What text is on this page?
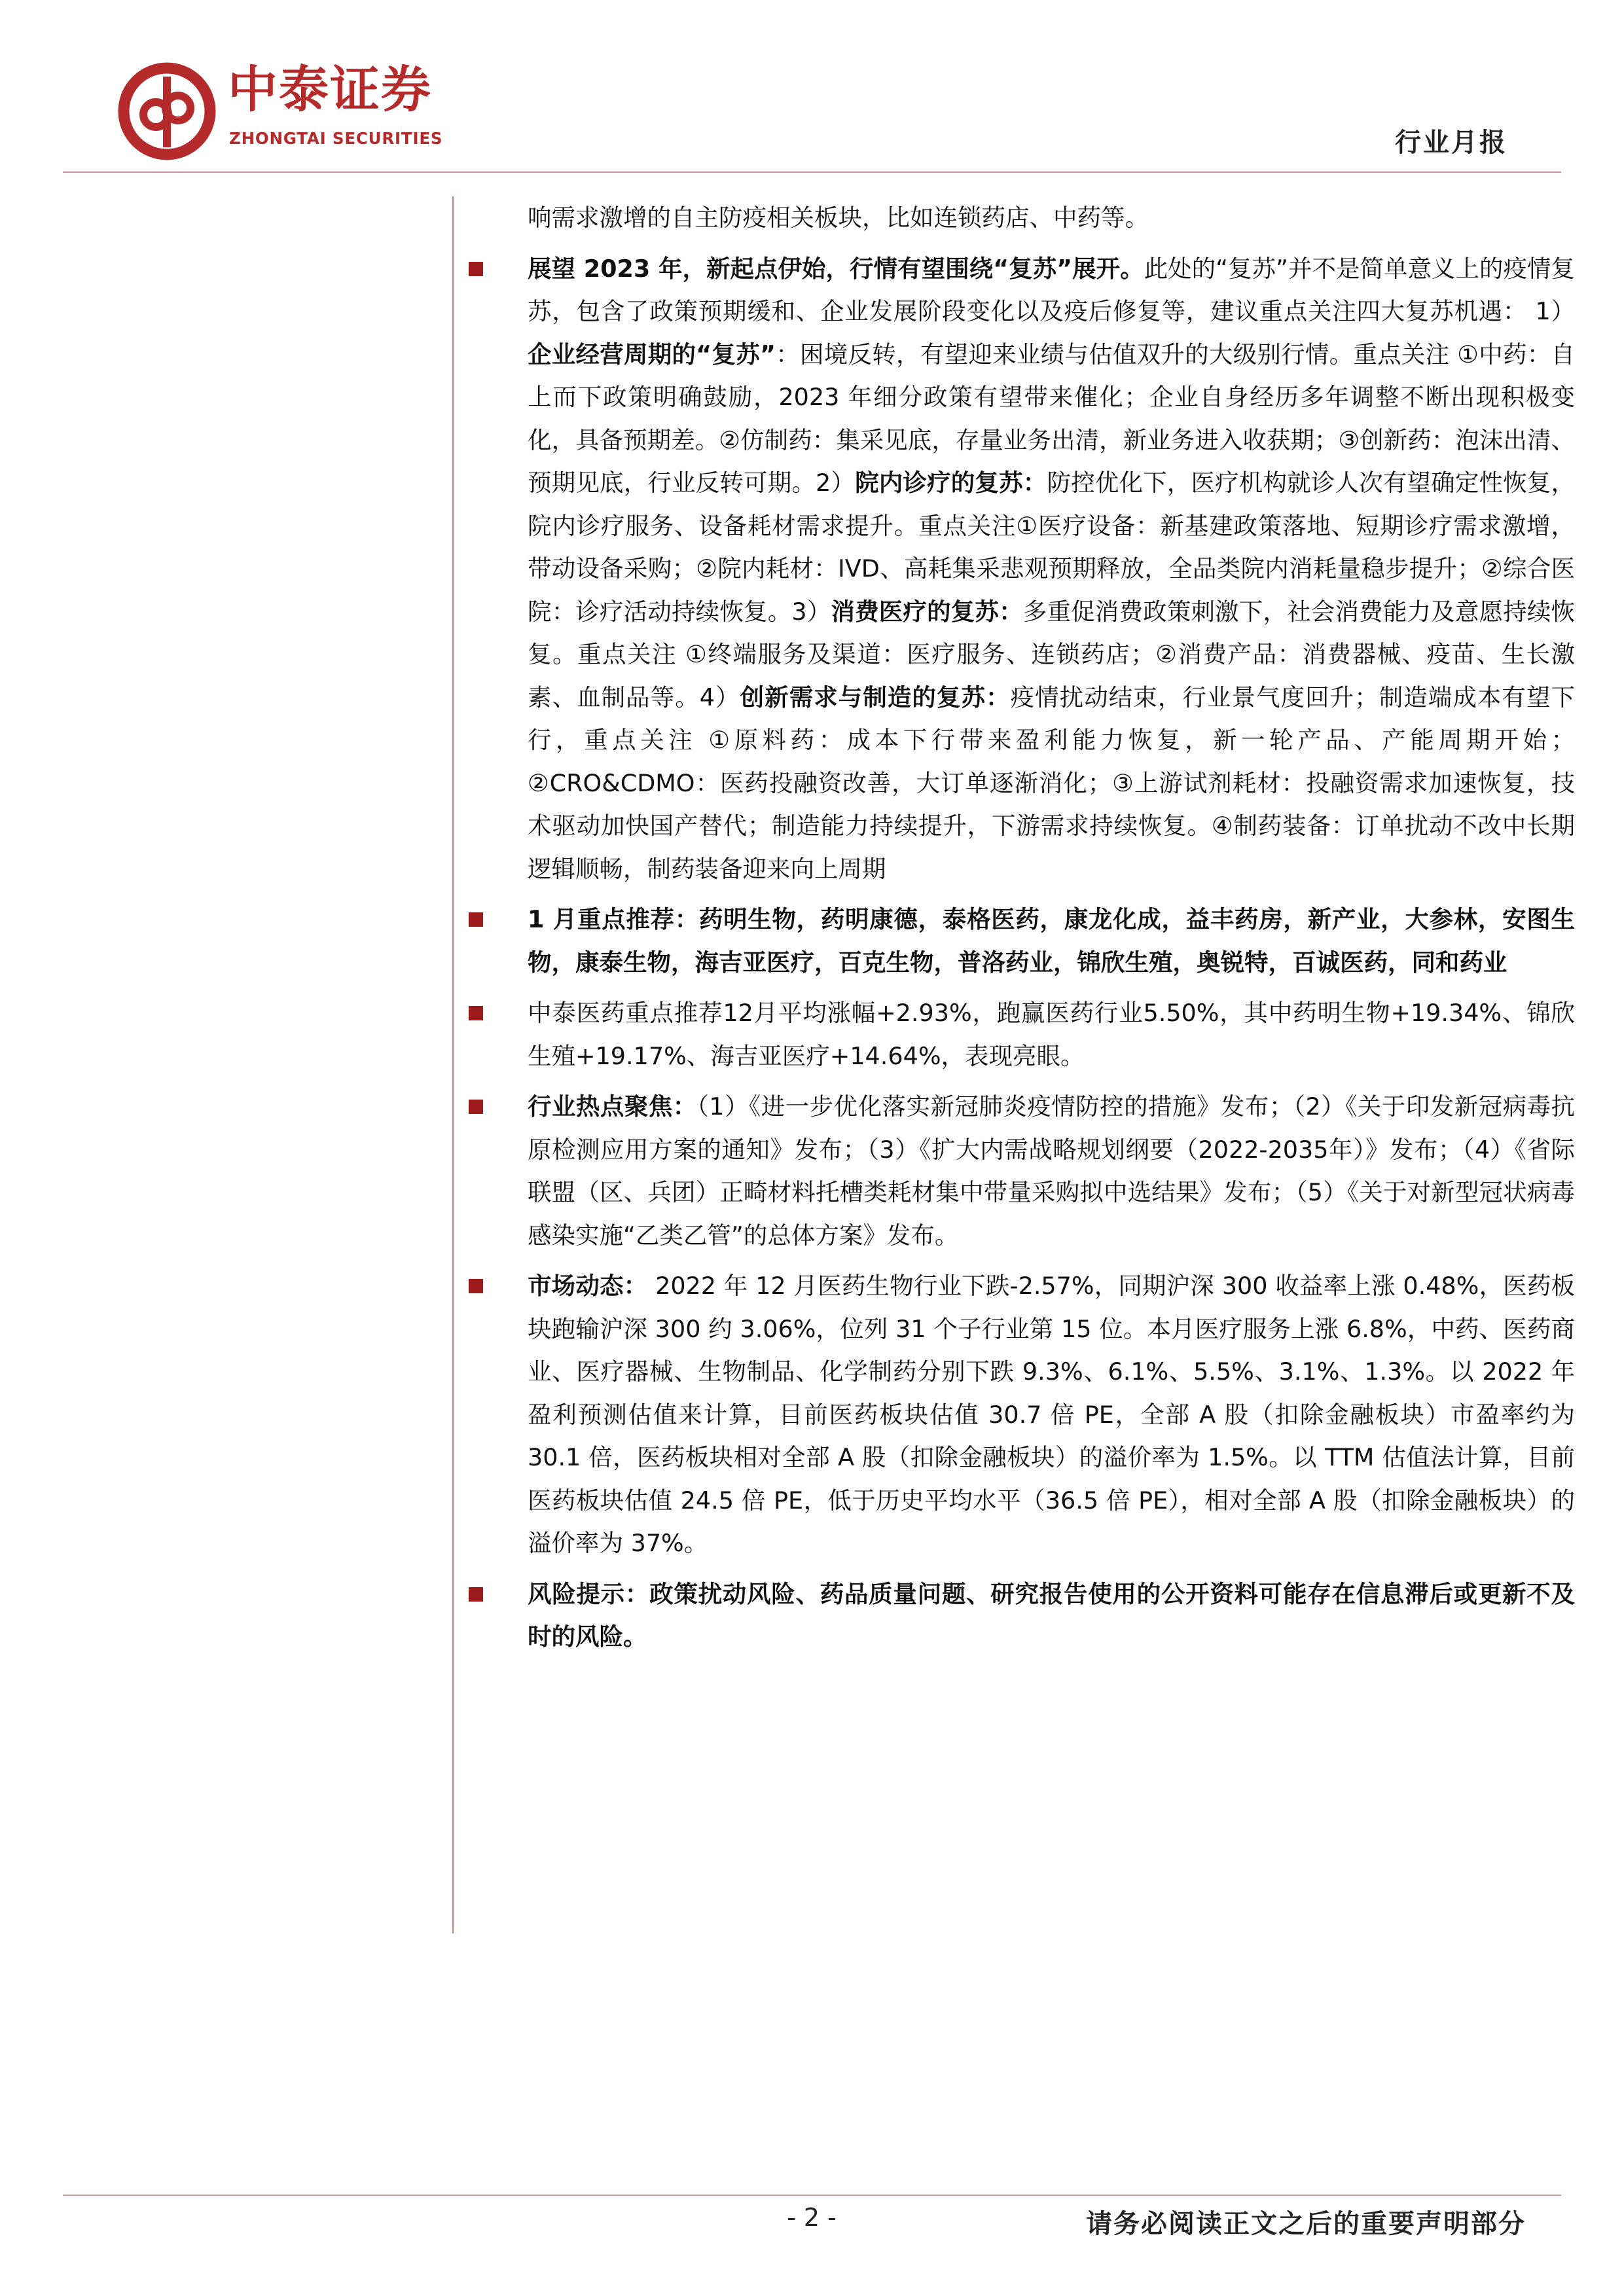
中泰证券
ZHONGTAI SECURITIES	行业月报

响需求激增的自主防疫相关板块，比如连锁药店、中药等。

展望 2023 年，新起点伊始，行情有望围绕“复苏”展开。此处的“复苏”并不是简单意义上的疫情复苏，包含了政策预期缓和、企业发展阶段变化以及疫后修复等，建议重点关注四大复苏机遇： 1）企业经营周期的“复苏”：困境反转，有望迎来业绩与估值双升的大级别行情。重点关注 ①中药：自上而下政策明确鼓励，2023 年细分政策有望带来催化；企业自身经历多年调整不断出现积极变化，具备预期差。②仿制药：集采见底，存量业务出清，新业务进入收获期；③创新药：泡沫出清、预期见底，行业反转可期。2）院内诊疗的复苏：防控优化下，医疗机构就诊人次有望确定性恢复，院内诊疗服务、设备耗材需求提升。重点关注①医疗设备：新基建政策落地、短期诊疗需求激增，带动设备采购；②院内耗材：IVD、高耗集采悲观预期释放，全品类院内消耗量稳步提升；②综合医院：诊疗活动持续恢复。3）消费医疗的复苏：多重促消费政策刺激下，社会消费能力及意愿持续恢复。重点关注 ①终端服务及渠道：医疗服务、连锁药店；②消费产品：消费器械、疫苗、生长激素、血制品等。4）创新需求与制造的复苏：疫情扰动结束，行业景气度回升；制造端成本有望下行，重点关注 ①原料药：成本下行带来盈利能力恢复，新一轮产品、产能周期开始；②CRO&CDMO：医药投融资改善，大订单逐渐消化；③上游试剂耗材：投融资需求加速恢复，技术驱动加快国产替代；制造能力持续提升，下游需求持续恢复。④制药装备：订单扰动不改中长期逻辑顺畅，制药装备迎来向上周期

1 月重点推荐：药明生物，药明康德，泰格医药，康龙化成，益丰药房，新产业，大参林，安图生物，康泰生物，海吉亚医疗，百克生物，普洛药业，锦欣生殖，奥锐特，百诚医药，同和药业

中泰医药重点推荐12月平均涨幅+2.93%，跑赢医药行业5.50%，其中药明生物+19.34%、锦欣生殖+19.17%、海吉亚医疗+14.64%，表现亮眼。

行业热点聚焦：（1）《进一步优化落实新冠肺炎疫情防控的措施》发布；（2）《关于印发新冠病毒抗原检测应用方案的通知》发布；（3）《扩大内需战略规划纲要（2022-2035年）》发布；（4）《省际联盟（区、兵团）正畸材料托槽类耗材集中带量采购拟中选结果》发布；（5）《关于对新型冠状病毒感染实施“乙类乙管”的总体方案》发布。

市场动态： 2022 年 12 月医药生物行业下跌-2.57%，同期沪深 300 收益率上涨 0.48%，医药板块跑输沪深 300 约 3.06%，位列 31 个子行业第 15 位。本月医疗服务上涨 6.8%，中药、医药商业、医疗器械、生物制品、化学制药分别下跌 9.3%、6.1%、5.5%、3.1%、1.3%。以 2022 年盈利预测估值来计算，目前医药板块估值 30.7 倍 PE，全部 A 股（扣除金融板块）市盈率约为 30.1 倍，医药板块相对全部 A 股（扣除金融板块）的溢价率为 1.5%。以 TTM 估值法计算，目前医药板块估值 24.5 倍 PE，低于历史平均水平（36.5 倍 PE），相对全部 A 股（扣除金融板块）的溢价率为 37%。

风险提示：政策扰动风险、药品质量问题、研究报告使用的公开资料可能存在信息滞后或更新不及时的风险。

- 2 -	请务必阅读正文之后的重要声明部分
